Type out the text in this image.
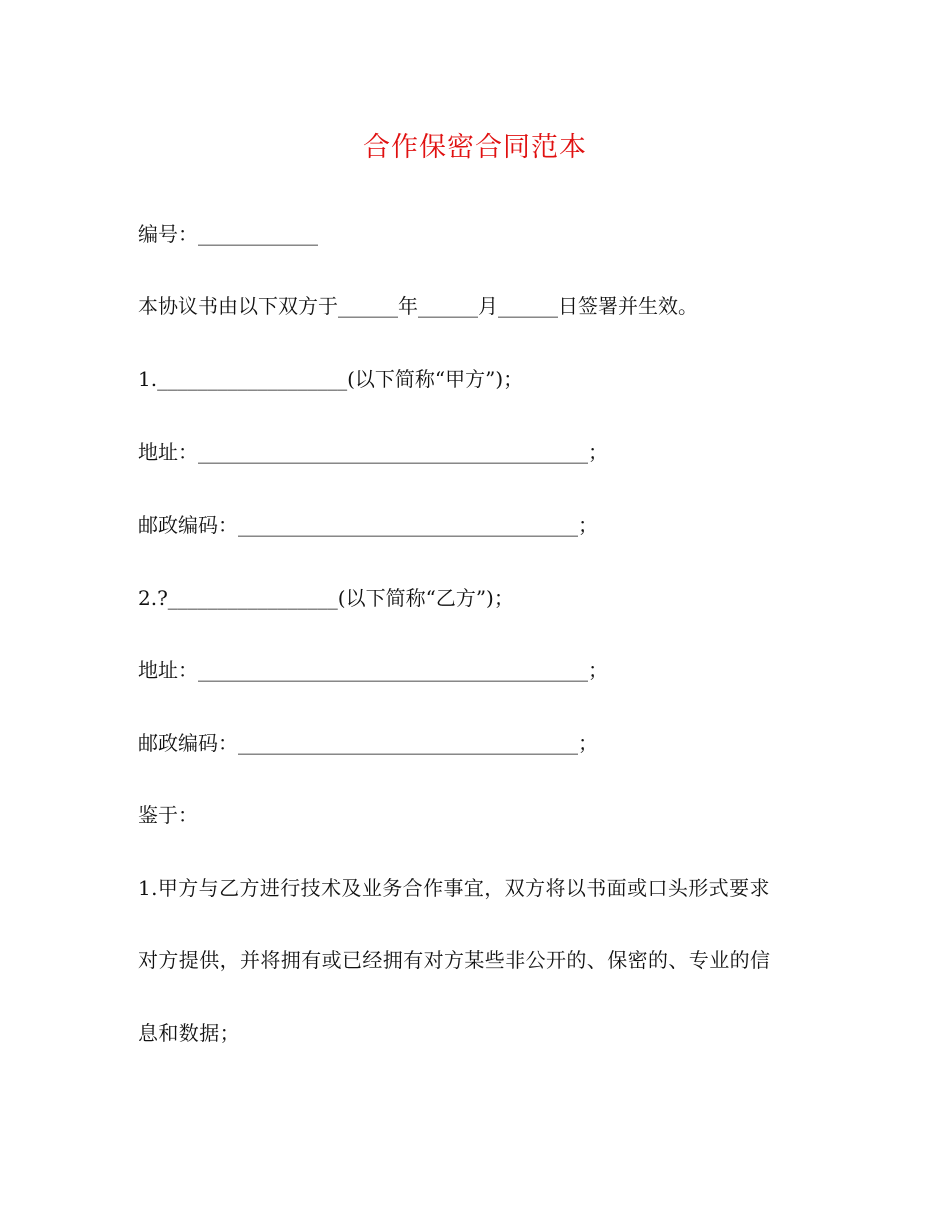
合作保密合同范本
编号：____________
本协议书由以下双方于______年______月______日签署并生效。
1.___________________(以下简称“甲方”)；
地址：_______________________________________；
邮政编码：__________________________________；
2.?_________________(以下简称“乙方”)；
地址：_______________________________________；
邮政编码：__________________________________；
鉴于：
1.甲方与乙方进行技术及业务合作事宜，双方将以书面或口头形式要求
对方提供，并将拥有或已经拥有对方某些非公开的、保密的、专业的信
息和数据；
